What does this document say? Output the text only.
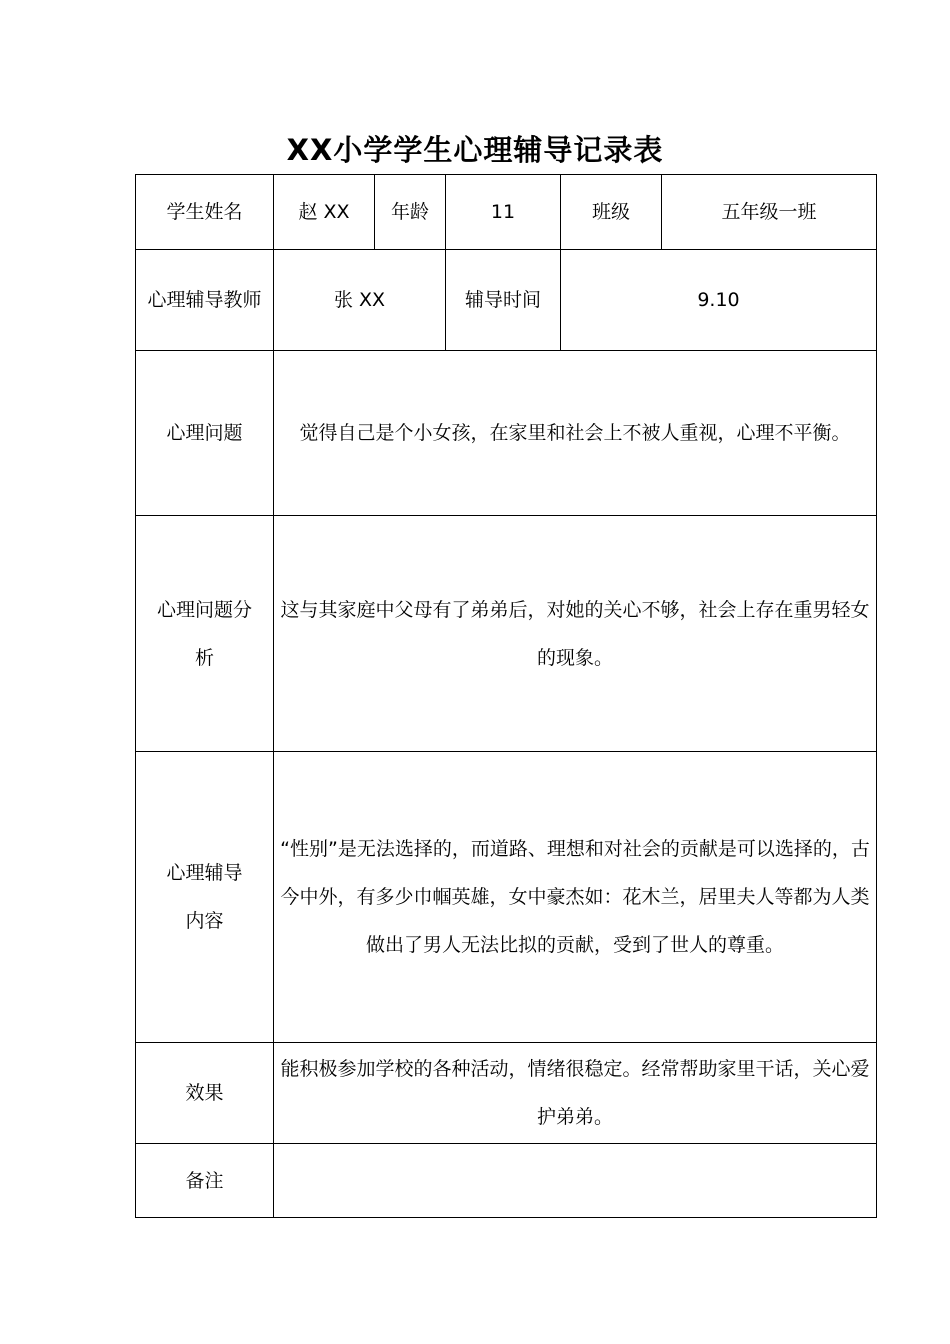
XX小学学生心理辅导记录表
学生姓名	赵 XX	年龄	11	班级	五年级一班

心理辅导教师	张 XX		辅导时间	9.10	
心理问题	觉得自己是个小女孩，在家里和社会上不被人重视，心理不平衡。				

心理问题分析	这与其家庭中父母有了弟弟后，对她的关心不够，社会上存在重男轻女的现象。				

心理辅导内容	“性别”是无法选择的，而道路、理想和对社会的贡献是可以选择的，古今中外，有多少巾帼英雄，女中豪杰如：花木兰，居里夫人等都为人类做出了男人无法比拟的贡献，受到了世人的尊重。				
效果	能积极参加学校的各种活动，情绪很稳定。经常帮助家里干话，关心爱护弟弟。				
备注					
